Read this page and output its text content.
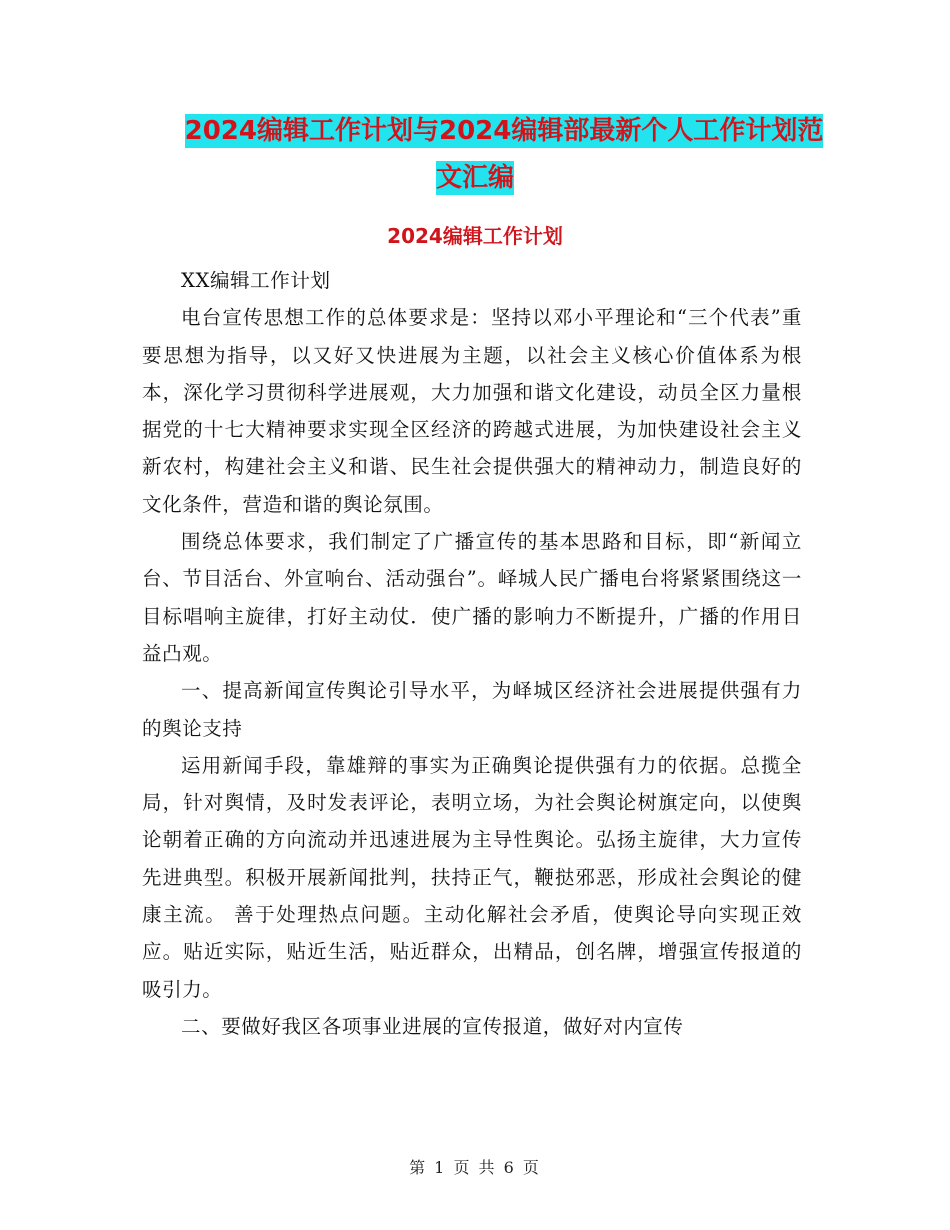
2024编辑工作计划与2024编辑部最新个人工作计划范
文汇编
2024编辑工作计划

XX编辑工作计划

电台宣传思想工作的总体要求是：坚持以邓小平理论和“三个代表”重要思想为指导，以又好又快进展为主题，以社会主义核心价值体系为根本，深化学习贯彻科学进展观，大力加强和谐文化建设，动员全区力量根据党的十七大精神要求实现全区经济的跨越式进展，为加快建设社会主义新农村，构建社会主义和谐、民生社会提供强大的精神动力，制造良好的文化条件，营造和谐的舆论氛围。

围绕总体要求，我们制定了广播宣传的基本思路和目标，即“新闻立台、节目活台、外宣响台、活动强台”。峄城人民广播电台将紧紧围绕这一目标唱响主旋律，打好主动仗．使广播的影响力不断提升，广播的作用日益凸观。

一、提高新闻宣传舆论引导水平，为峄城区经济社会进展提供强有力的舆论支持

运用新闻手段，靠雄辩的事实为正确舆论提供强有力的依据。总揽全局，针对舆情，及时发表评论，表明立场，为社会舆论树旗定向，以使舆论朝着正确的方向流动并迅速进展为主导性舆论。弘扬主旋律，大力宣传先进典型。积极开展新闻批判，扶持正气，鞭挞邪恶，形成社会舆论的健康主流。 善于处理热点问题。主动化解社会矛盾，使舆论导向实现正效应。贴近实际，贴近生活，贴近群众，出精品，创名牌，增强宣传报道的吸引力。

二、要做好我区各项事业进展的宣传报道，做好对内宣传

第 1 页 共 6 页
